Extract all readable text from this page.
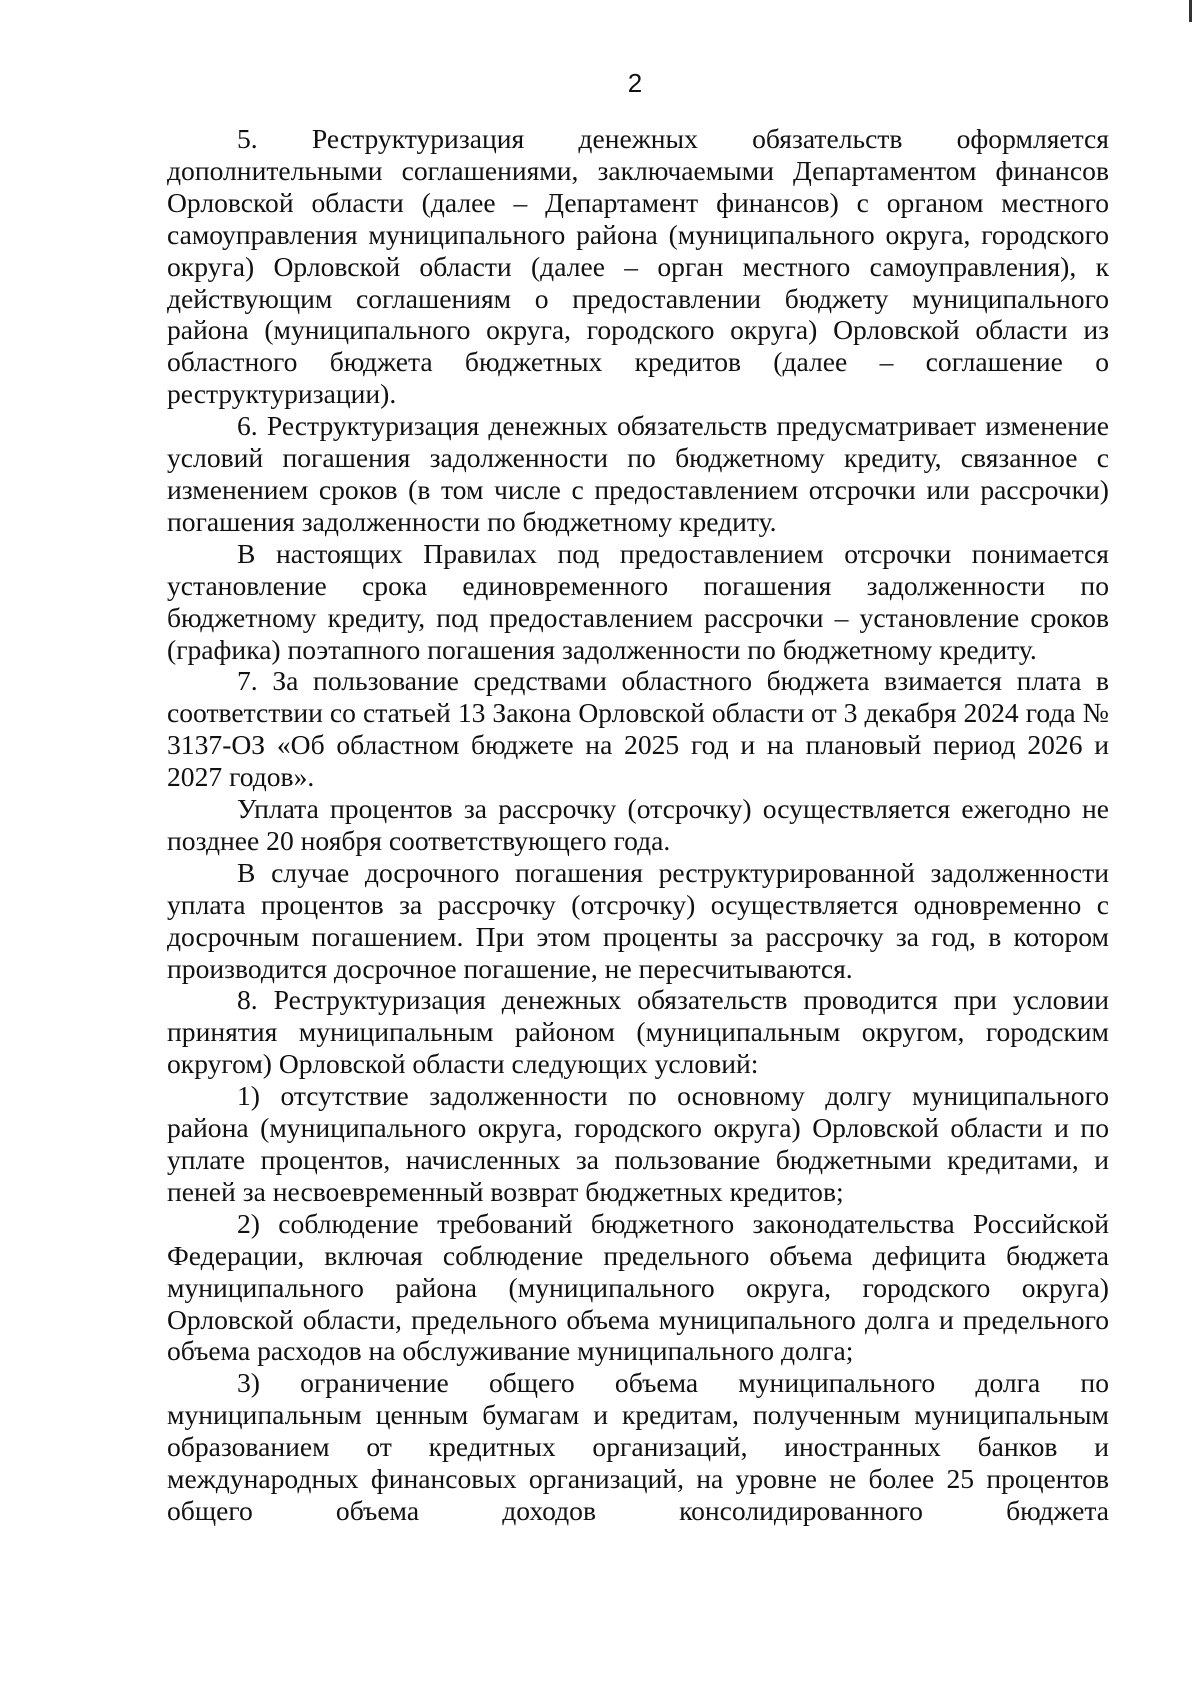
2

5. Реструктуризация денежных обязательств оформляется дополнительными соглашениями, заключаемыми Департаментом финансов Орловской области (далее – Департамент финансов) с органом местного самоуправления муниципального района (муниципального округа, городского округа) Орловской области (далее – орган местного самоуправления), к действующим соглашениям о предоставлении бюджету муниципального района (муниципального округа, городского округа) Орловской области из областного бюджета бюджетных кредитов (далее – соглашение о реструктуризации).

6. Реструктуризация денежных обязательств предусматривает изменение условий погашения задолженности по бюджетному кредиту, связанное с изменением сроков (в том числе с предоставлением отсрочки или рассрочки) погашения задолженности по бюджетному кредиту.

В настоящих Правилах под предоставлением отсрочки понимается установление срока единовременного погашения задолженности по бюджетному кредиту, под предоставлением рассрочки – установление сроков (графика) поэтапного погашения задолженности по бюджетному кредиту.

7. За пользование средствами областного бюджета взимается плата в соответствии со статьей 13 Закона Орловской области от 3 декабря 2024 года № 3137-ОЗ «Об областном бюджете на 2025 год и на плановый период 2026 и 2027 годов».

Уплата процентов за рассрочку (отсрочку) осуществляется ежегодно не позднее 20 ноября соответствующего года.

В случае досрочного погашения реструктурированной задолженности уплата процентов за рассрочку (отсрочку) осуществляется одновременно с досрочным погашением. При этом проценты за рассрочку за год, в котором производится досрочное погашение, не пересчитываются.

8. Реструктуризация денежных обязательств проводится при условии принятия муниципальным районом (муниципальным округом, городским округом) Орловской области следующих условий:

1) отсутствие задолженности по основному долгу муниципального района (муниципального округа, городского округа) Орловской области и по уплате процентов, начисленных за пользование бюджетными кредитами, и пеней за несвоевременный возврат бюджетных кредитов;

2) соблюдение требований бюджетного законодательства Российской Федерации, включая соблюдение предельного объема дефицита бюджета муниципального района (муниципального округа, городского округа) Орловской области, предельного объема муниципального долга и предельного объема расходов на обслуживание муниципального долга;

3) ограничение общего объема муниципального долга по муниципальным ценным бумагам и кредитам, полученным муниципальным образованием от кредитных организаций, иностранных банков и международных финансовых организаций, на уровне не более 25 процентов общего объема доходов консолидированного бюджета
